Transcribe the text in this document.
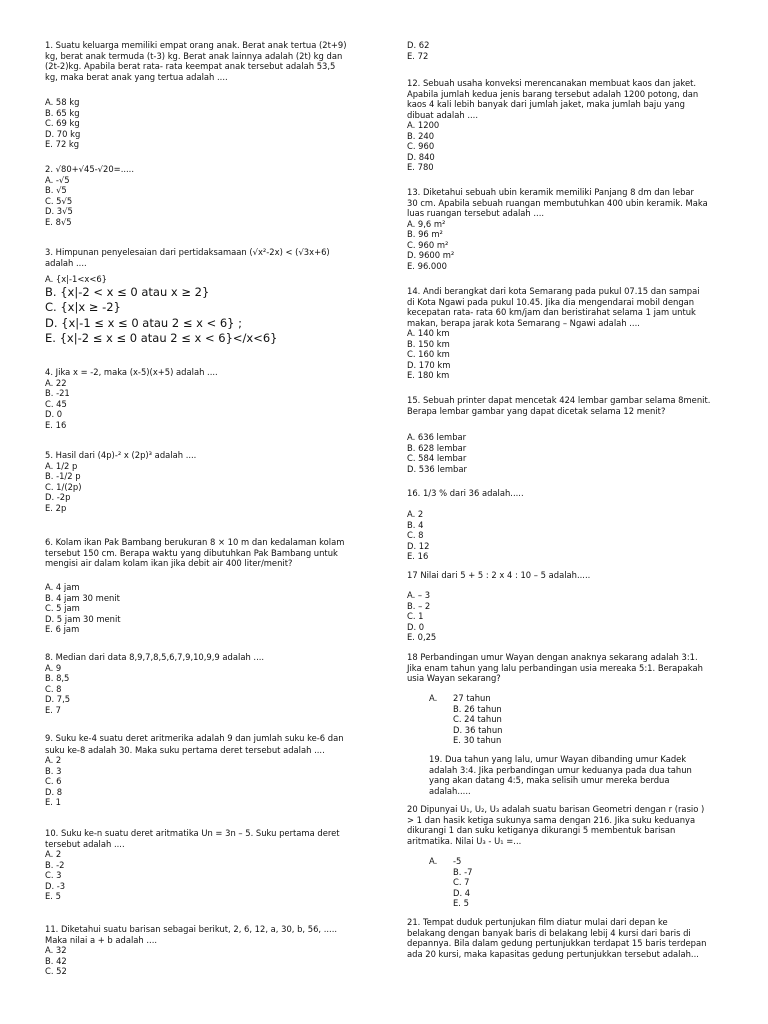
1. Suatu keluarga memiliki empat orang anak. Berat anak tertua (2t+9)
kg, berat anak termuda (t-3) kg. Berat anak lainnya adalah (2t) kg dan
(2t-2)kg. Apabila berat rata- rata keempat anak tersebut adalah 53,5
kg, maka berat anak yang tertua adalah ....
A. 58 kg
B. 65 kg
C. 69 kg
D. 70 kg
E. 72 kg
2. √80+√45-√20=.....
A. -√5
B. √5
C. 5√5
D. 3√5
E. 8√5
3. Himpunan penyelesaian dari pertidaksamaan (√x²-2x) < (√3x+6)
adalah ....
A. {x|-1<x<6}
B. {x|-2 < x ≤ 0 atau x ≥ 2}
C. {x|x ≥ -2}
D. {x|-1 ≤ x ≤ 0 atau 2 ≤ x < 6} ;
E. {x|-2 ≤ x ≤ 0 atau 2 ≤ x < 6}</x<6}
4. Jika x = -2, maka (x-5)(x+5) adalah ....
A. 22
B. -21
C. 45
D. 0
E. 16
5. Hasil dari (4p)-² x (2p)³ adalah ....
A. 1/2 p
B. -1/2 p
C. 1/(2p)
D. -2p
E. 2p
6. Kolam ikan Pak Bambang berukuran 8 × 10 m dan kedalaman kolam
tersebut 150 cm. Berapa waktu yang dibutuhkan Pak Bambang untuk
mengisi air dalam kolam ikan jika debit air 400 liter/menit?
A. 4 jam
B. 4 jam 30 menit
C. 5 jam
D. 5 jam 30 menit
E. 6 jam
8. Median dari data 8,9,7,8,5,6,7,9,10,9,9 adalah ....
A. 9
B. 8,5
C. 8
D. 7,5
E. 7
9. Suku ke-4 suatu deret aritmerika adalah 9 dan jumlah suku ke-6 dan
suku ke-8 adalah 30. Maka suku pertama deret tersebut adalah ....
A. 2
B. 3
C. 6
D. 8
E. 1
10. Suku ke-n suatu deret aritmatika Un = 3n – 5. Suku pertama deret
tersebut adalah ....
A. 2
B. -2
C. 3
D. -3
E. 5
11. Diketahui suatu barisan sebagai berikut, 2, 6, 12, a, 30, b, 56, .....
Maka nilai a + b adalah ....
A. 32
B. 42
C. 52
D. 62
E. 72
12. Sebuah usaha konveksi merencanakan membuat kaos dan jaket.
Apabila jumlah kedua jenis barang tersebut adalah 1200 potong, dan
kaos 4 kali lebih banyak dari jumlah jaket, maka jumlah baju yang
dibuat adalah ....
A. 1200
B. 240
C. 960
D. 840
E. 780
13. Diketahui sebuah ubin keramik memiliki Panjang 8 dm dan lebar
30 cm. Apabila sebuah ruangan membutuhkan 400 ubin keramik. Maka
luas ruangan tersebut adalah ....
A. 9,6 m²
B. 96 m²
C. 960 m²
D. 9600 m²
E. 96.000
14. Andi berangkat dari kota Semarang pada pukul 07.15 dan sampai
di Kota Ngawi pada pukul 10.45. Jika dia mengendarai mobil dengan
kecepatan rata- rata 60 km/jam dan beristirahat selama 1 jam untuk
makan, berapa jarak kota Semarang – Ngawi adalah ....
A. 140 km
B. 150 km
C. 160 km
D. 170 km
E. 180 km
15. Sebuah printer dapat mencetak 424 lembar gambar selama 8menit.
Berapa lembar gambar yang dapat dicetak selama 12 menit?
A. 636 lembar
B. 628 lembar
C. 584 lembar
D. 536 lembar
16. 1/3 % dari 36 adalah.....
A. 2
B. 4
C. 8
D. 12
E. 16
17 Nilai dari 5 + 5 : 2 x 4 : 10 – 5 adalah.....
A. – 3
B. – 2
C. 1
D. 0
E. 0,25
18 Perbandingan umur Wayan dengan anaknya sekarang adalah 3:1.
Jika enam tahun yang lalu perbandingan usia mereaka 5:1. Berapakah
usia Wayan sekarang?
A. 27 tahun
B. 26 tahun
C. 24 tahun
D. 36 tahun
E. 30 tahun
19. Dua tahun yang lalu, umur Wayan dibanding umur Kadek
adalah 3:4. Jika perbandingan umur keduanya pada dua tahun
yang akan datang 4:5, maka selisih umur mereka berdua
adalah.....
20 Dipunyai U₁, U₂, U₃ adalah suatu barisan Geometri dengan r (rasio )
> 1 dan hasik ketiga sukunya sama dengan 216. Jika suku keduanya
dikurangi 1 dan suku ketiganya dikurangi 5 membentuk barisan
aritmatika. Nilai U₃ - U₁ =...
A. -5
B. -7
C. 7
D. 4
E. 5
21. Tempat duduk pertunjukan film diatur mulai dari depan ke
belakang dengan banyak baris di belakang lebij 4 kursi dari baris di
depannya. Bila dalam gedung pertunjukkan terdapat 15 baris terdepan
ada 20 kursi, maka kapasitas gedung pertunjukkan tersebut adalah...
